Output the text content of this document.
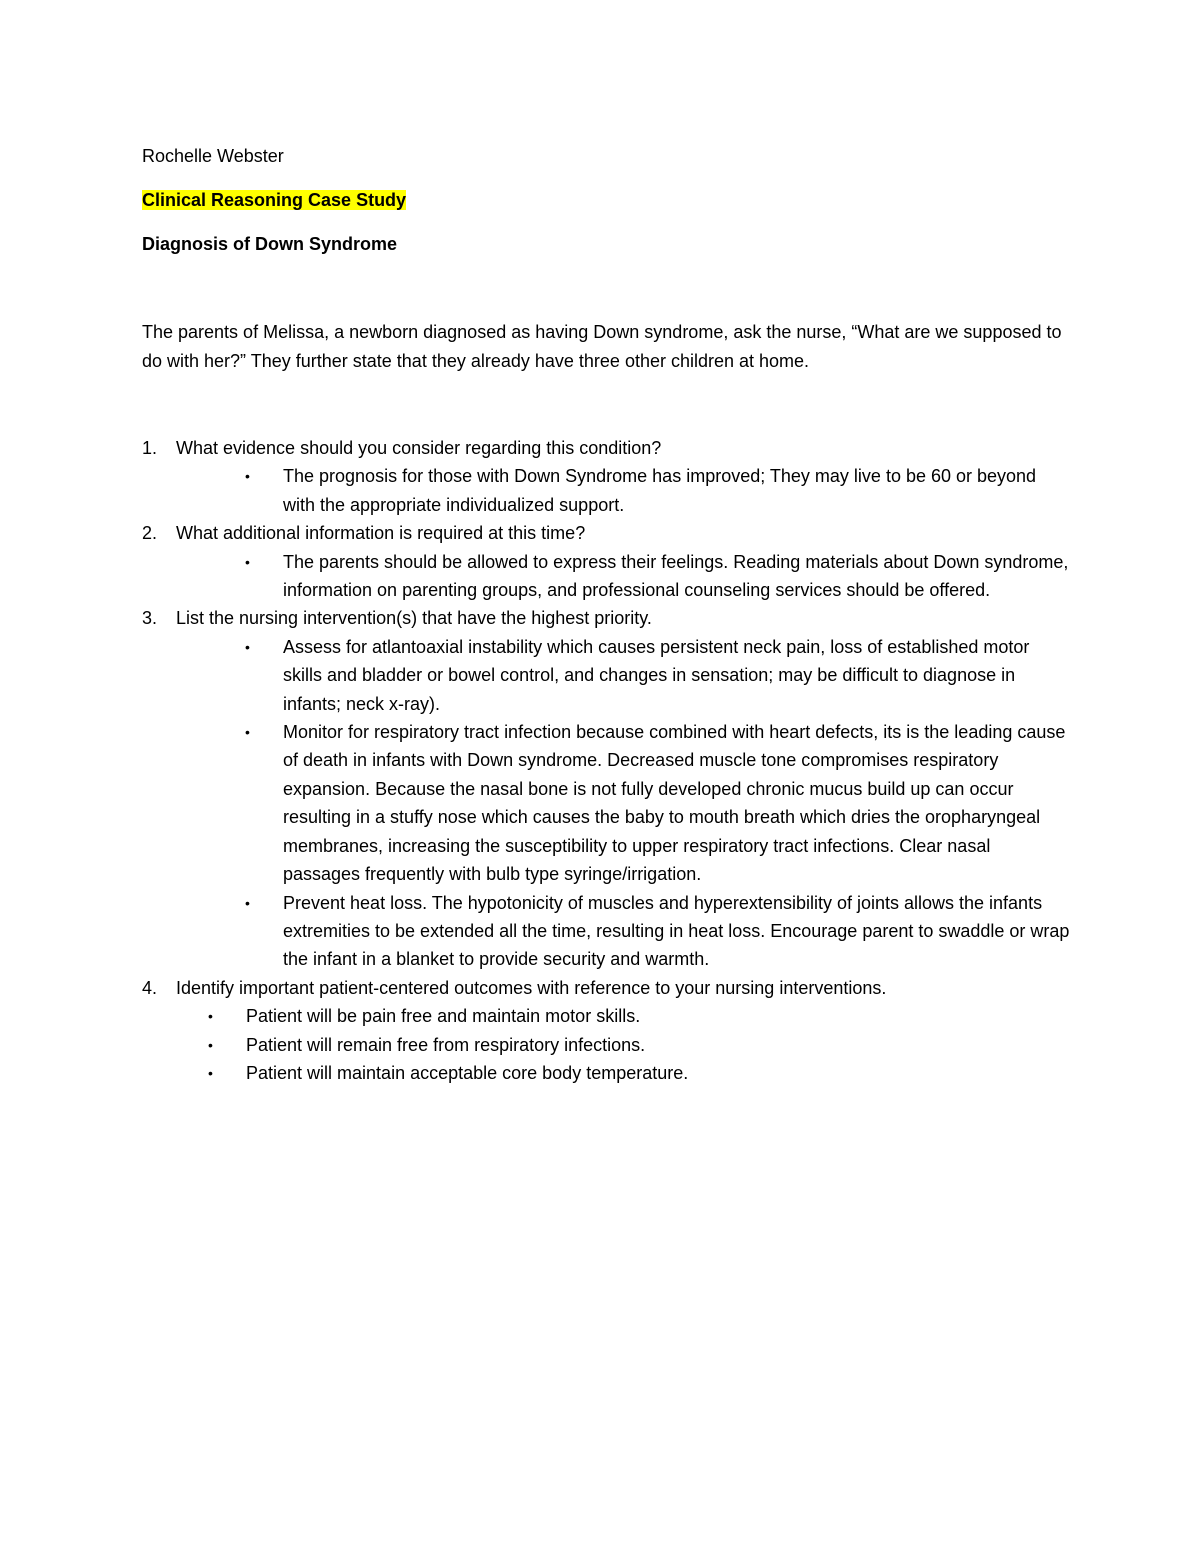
Rochelle Webster
Clinical Reasoning Case Study
Diagnosis of Down Syndrome

The parents of Melissa, a newborn diagnosed as having Down syndrome, ask the nurse, “What are we supposed to do with her?” They further state that they already have three other children at home.

1. What evidence should you consider regarding this condition?
• The prognosis for those with Down Syndrome has improved; They may live to be 60 or beyond with the appropriate individualized support.
2. What additional information is required at this time?
• The parents should be allowed to express their feelings. Reading materials about Down syndrome, information on parenting groups, and professional counseling services should be offered.
3. List the nursing intervention(s) that have the highest priority.
• Assess for atlantoaxial instability which causes persistent neck pain, loss of established motor skills and bladder or bowel control, and changes in sensation; may be difficult to diagnose in infants; neck x-ray).
• Monitor for respiratory tract infection because combined with heart defects, its is the leading cause of death in infants with Down syndrome. Decreased muscle tone compromises respiratory expansion. Because the nasal bone is not fully developed chronic mucus build up can occur resulting in a stuffy nose which causes the baby to mouth breath which dries the oropharyngeal membranes, increasing the susceptibility to upper respiratory tract infections. Clear nasal passages frequently with bulb type syringe/irrigation.
• Prevent heat loss. The hypotonicity of muscles and hyperextensibility of joints allows the infants extremities to be extended all the time, resulting in heat loss. Encourage parent to swaddle or wrap the infant in a blanket to provide security and warmth.
4. Identify important patient-centered outcomes with reference to your nursing interventions.
• Patient will be pain free and maintain motor skills.
• Patient will remain free from respiratory infections.
• Patient will maintain acceptable core body temperature.
